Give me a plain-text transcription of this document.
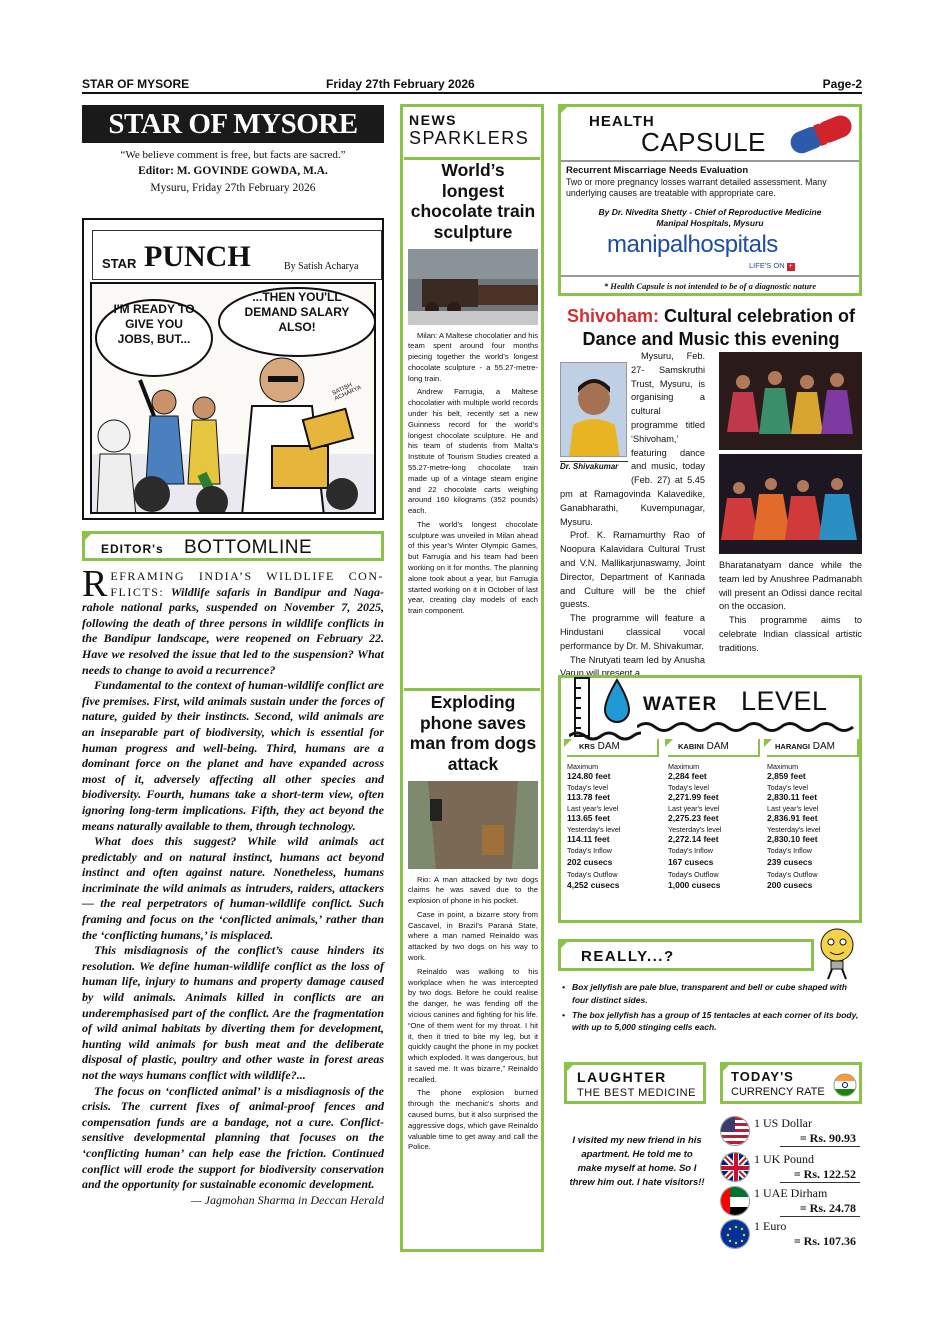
STAR OF MYSORE	Friday 27th February 2026	Page-2
STAR OF MYSORE
“We believe comment is free, but facts are sacred.”
Editor: M. GOVINDE GOWDA, M.A.
Mysuru, Friday 27th February 2026
STAR PUNCH	By Satish Acharya
I'M READY TO GIVE YOU JOBS, BUT...
...THEN YOU'LL DEMAND SALARY ALSO!
SATISH ACHARYA
EDITOR's BOTTOMLINE

REFRAMING INDIA’S WILDLIFE CON-FLICTS: Wildlife safaris in Bandipur and Naga-rahole national parks, suspended on November 7, 2025, following the death of three persons in wildlife conflicts in the Bandipur landscape, were reopened on February 22. Have we resolved the issue that led to the suspension? What needs to change to avoid a recurrence?

Fundamental to the context of human-wildlife conflict are five premises. First, wild animals sustain under the forces of nature, guided by their instincts. Second, wild animals are an inseparable part of biodiversity, which is essential for human progress and well-being. Third, humans are a dominant force on the planet and have expanded across most of it, adversely affecting all other species and biodiversity. Fourth, humans take a short-term view, often ignoring long-term implications. Fifth, they act beyond the means naturally available to them, through technology.

What does this suggest? While wild animals act predictably and on natural instinct, humans act beyond instinct and often against nature. Nonetheless, humans incriminate the wild animals as intruders, raiders, attackers — the real perpetrators of human-wildlife conflict. Such framing and focus on the ‘conflicted animals,’ rather than the ‘conflicting humans,’ is misplaced.

This misdiagnosis of the conflict’s cause hinders its resolution. We define human-wildlife conflict as the loss of human life, injury to humans and property damage caused by wild animals. Animals killed in conflicts are an underemphasised part of the conflict. Are the fragmentation of wild animal habitats by diverting them for development, hunting wild animals for bush meat and the deliberate disposal of plastic, poultry and other waste in forest areas not the ways humans conflict with wildlife?...

The focus on ‘conflicted animal’ is a misdiagnosis of the crisis. The current fixes of animal-proof fences and compensation funds are a bandage, not a cure. Conflict-sensitive developmental planning that focuses on the ‘conflicting human’ can help ease the friction. Continued conflict will erode the support for biodiversity conservation and the opportunity for sustainable economic development.

— Jagmohan Sharma in Deccan Herald

NEWS
SPARKLERS
World’s longest chocolate train sculpture

Milan: A Maltese chocolatier and his team spent around four months piecing together the world’s longest chocolate sculpture - a 55.27-metre-long train.

Andrew Farrugia, a Maltese chocolatier with multiple world records under his belt, recently set a new Guinness record for the world’s longest chocolate sculpture. He and his team of students from Malta’s Institute of Tourism Studies created a 55.27-metre-long chocolate train made up of a vintage steam engine and 22 chocolate carts weighing around 160 kilograms (352 pounds) each.

The world’s longest chocolate sculpture was unveiled in Milan ahead of this year’s Winter Olympic Games, but Farrugia and his team had been working on it for months. The planning alone took about a year, but Farrugia started working on it in October of last year, creating clay models of each train component.

Exploding phone saves man from dogs attack

Rio: A man attacked by two dogs claims he was saved due to the explosion of phone in his pocket.

Case in point, a bizarre story from Cascavel, in Brazil’s Paraná State, where a man named Reinaldo was attacked by two dogs on his way to work.

Reinaldo was walking to his workplace when he was intercepted by two dogs. Before he could realise the danger, he was fending off the vicious canines and fighting for his life. “One of them went for my throat. I hit it, then it tried to bite my leg, but it quickly caught the phone in my pocket which exploded. It was dangerous, but it saved me. It was bizarre,” Reinaldo recalled.

The phone explosion burned through the mechanic’s shorts and caused burns, but it also surprised the aggressive dogs, which gave Reinaldo valuable time to get away and call the Police.

HEALTH
CAPSULE
Recurrent Miscarriage Needs Evaluation
Two or more pregnancy losses warrant detailed assessment. Many underlying causes are treatable with appropriate care.
By Dr. Nivedita Shetty - Chief of Reproductive Medicine
Manipal Hospitals, Mysuru
manipalhospitals
LIFE'S ON +
* Health Capsule is not intended to be of a diagnostic nature
Shivoham: Cultural celebration of Dance and Music this evening
Dr. Shivakumar

Mysuru, Feb. 27- Samskruthi Trust, Mysuru, is organising a cultural programme titled ‘Shivoham,’ featuring dance and music, today (Feb. 27) at 5.45 pm at Ramagovinda Kalavedike, Ganabharathi, Kuvempunagar, Mysuru.

Prof. K. Ramamurthy Rao of Noopura Kalavidara Cultural Trust and V.N. Mallikarjunaswamy, Joint Director, Department of Kannada and Culture will be the chief guests.

The programme will feature a Hindustani classical vocal performance by Dr. M. Shivakumar.

The Nrutyati team led by Anusha Varun will present a

Bharatanatyam dance while the team led by Anushree Padmanabh will present an Odissi dance recital on the occasion.

This programme aims to celebrate Indian classical artistic traditions.

WATER LEVEL
KRS DAM
Maximum
124.80 feet
Today's level
113.78 feet
Last year's level
113.65 feet
Yesterday's level
114.11 feet
Today's Inflow
202 cusecs
Today's Outflow
4,252 cusecs
KABINI DAM
Maximum
2,284 feet
Today's level
2,271.99 feet
Last year's level
2,275.23 feet
Yesterday's level
2,272.14 feet
Today's Inflow
167 cusecs
Today's Outflow
1,000 cusecs
HARANGI DAM
Maximum
2,859 feet
Today's level
2,830.11 feet
Last year's level
2,836.91 feet
Yesterday's level
2,830.10 feet
Today's Inflow
239 cusecs
Today's Outflow
200 cusecs
REALLY...?
• Box jellyfish are pale blue, transparent and bell or cube shaped with four distinct sides.
• The box jellyfish has a group of 15 tentacles at each corner of its body, with up to 5,000 stinging cells each.
LAUGHTER
THE BEST MEDICINE
I visited my new friend in his apartment. He told me to make myself at home. So I threw him out. I hate visitors!!
TODAY'S
CURRENCY RATE
1 US Dollar
= Rs. 90.93
1 UK Pound
= Rs. 122.52
1 UAE Dirham
= Rs. 24.78
1 Euro
= Rs. 107.36
